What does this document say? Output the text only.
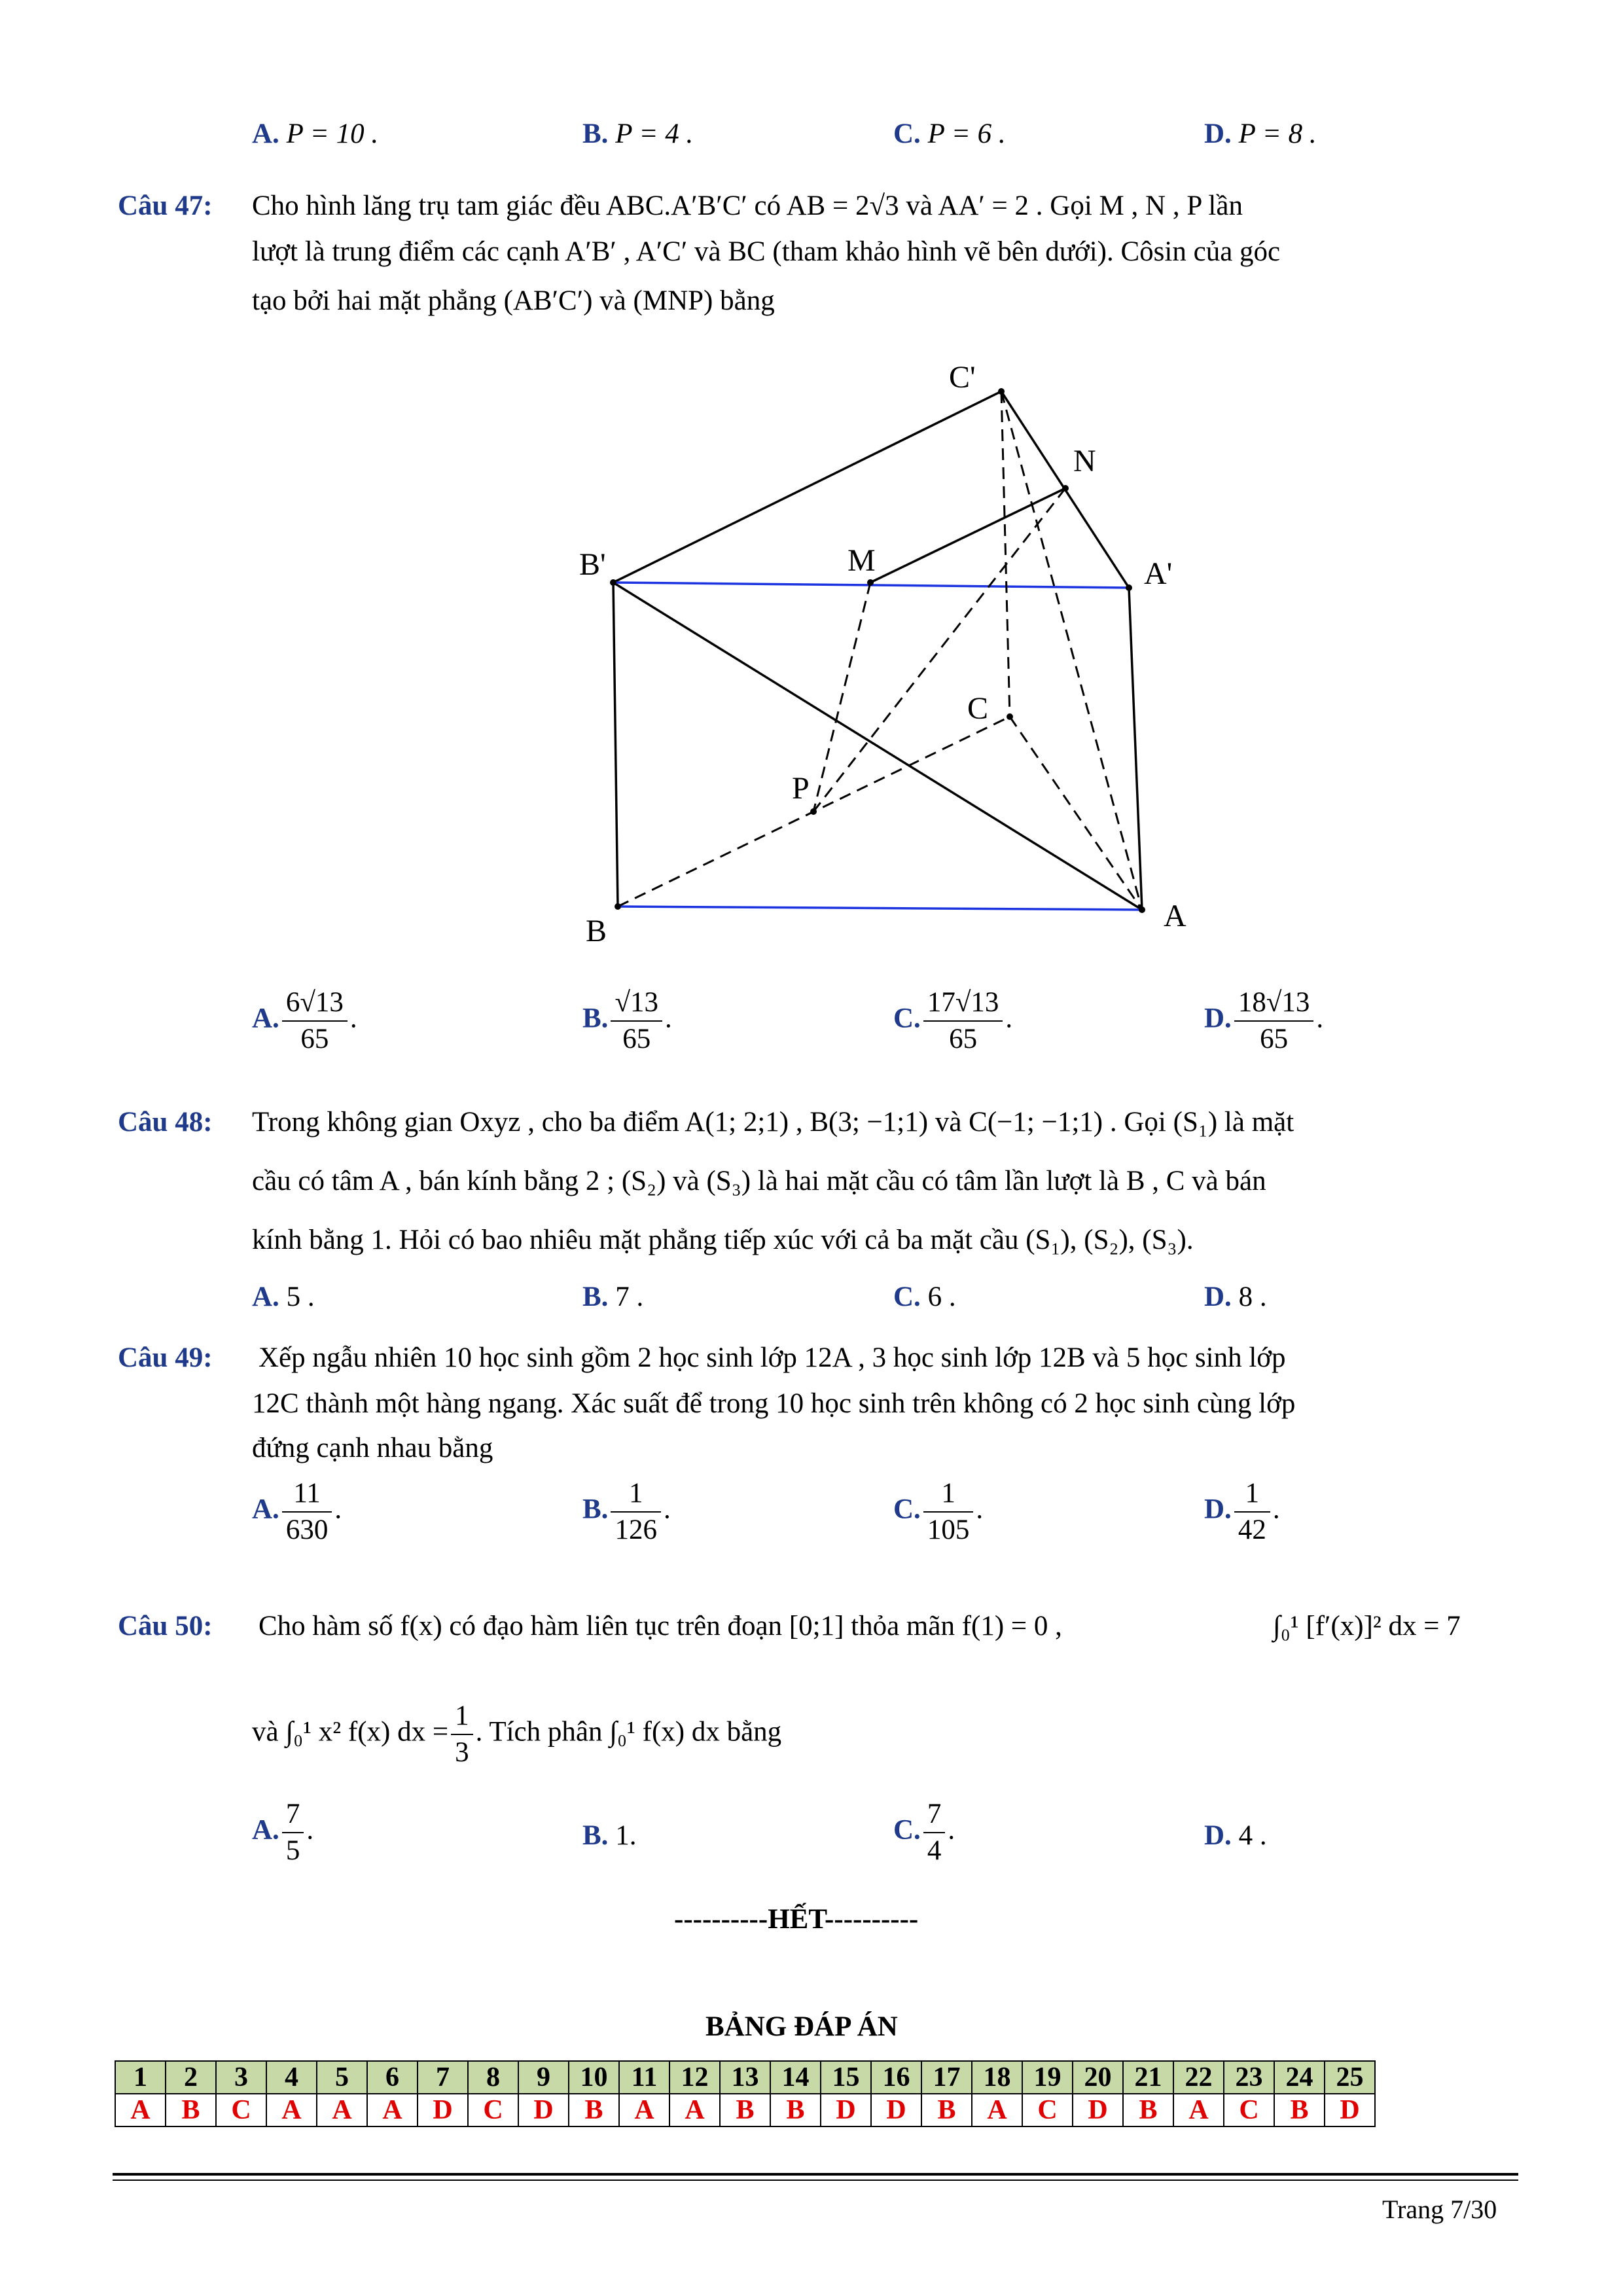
A. P = 10 .	B. P = 4 .	C. P = 6 .	D. P = 8 .
Câu 47: Cho hình lăng trụ tam giác đều ABC.A′B′C′ có AB = 2√3 và AA′ = 2 . Gọi M , N , P lần
lượt là trung điểm các cạnh A′B′ , A′C′ và BC (tham khảo hình vẽ bên dưới). Côsin của góc
tạo bởi hai mặt phẳng (AB′C′) và (MNP) bằng
C'
N
B'	M	A'
C
P
B	A
A. $\frac{6√13}{65}$ .	B. $\frac{√13}{65}$ .	C. $\frac{17√13}{65}$ .	D. $\frac{18√13}{65}$ .
Câu 48: Trong không gian Oxyz , cho ba điểm A(1; 2;1) , B(3; −1;1) và C(−1; −1;1) . Gọi (S₁) là mặt
cầu có tâm A , bán kính bằng 2 ; (S₂) và (S₃) là hai mặt cầu có tâm lần lượt là B , C và bán
kính bằng 1. Hỏi có bao nhiêu mặt phẳng tiếp xúc với cả ba mặt cầu (S₁), (S₂), (S₃).
A. 5 .	B. 7 .	C. 6 .	D. 8 .
Câu 49: Xếp ngẫu nhiên 10 học sinh gồm 2 học sinh lớp 12A , 3 học sinh lớp 12B và 5 học sinh lớp
12C thành một hàng ngang. Xác suất để trong 10 học sinh trên không có 2 học sinh cùng lớp
đứng cạnh nhau bằng
A. $\frac{11}{630}$ .	B. $\frac{1}{126}$ .	C. $\frac{1}{105}$ .	D. $\frac{1}{42}$ .
Câu 50: Cho hàm số f(x) có đạo hàm liên tục trên đoạn [0;1] thỏa mãn f(1) = 0 ,	∫₀¹ [f′(x)]² dx = 7
và ∫₀¹ x² f(x) dx = $\frac{1}{3}$ . Tích phân ∫₀¹ f(x) dx bằng
A. $\frac{7}{5}$ .	B. 1.	C. $\frac{7}{4}$ .	D. 4 .
----------HẾT----------
BẢNG ĐÁP ÁN
1	2	3	4	5	6	7	8	9	10	11	12	13	14	15	16	17	18	19	20	21	22	23	24	25
A	B	C	A	A	A	D	C	D	B	A	A	B	B	D	D	B	A	C	D	B	A	C	B	D
Trang 7/30
